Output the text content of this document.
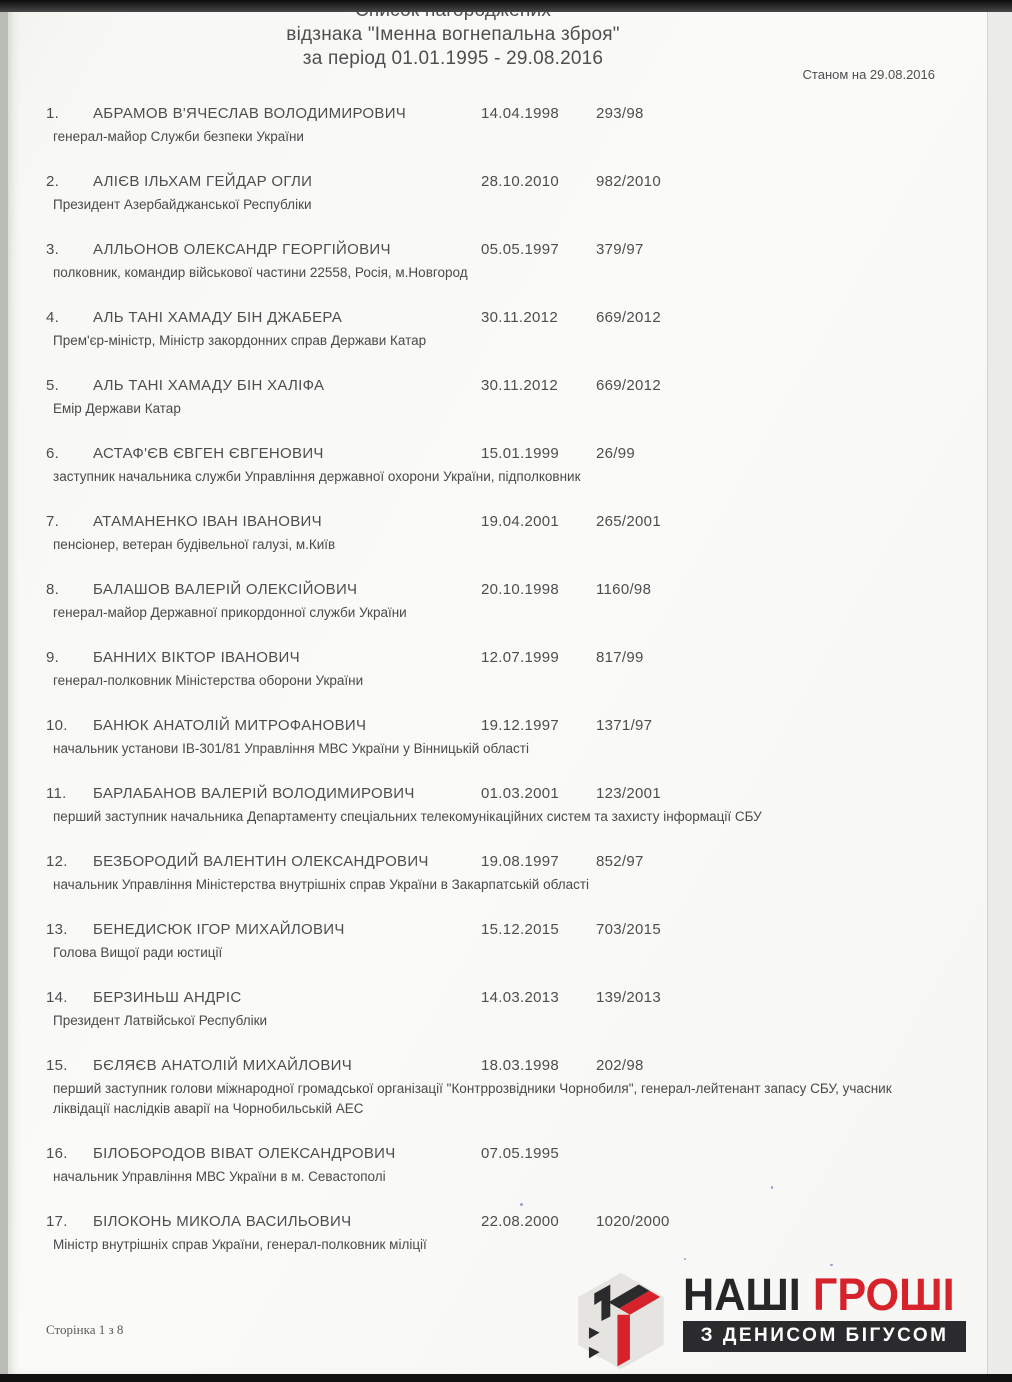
відзнака "Іменна вогнепальна зброя"
за період 01.01.1995 - 29.08.2016
Станом на 29.08.2016
1.	АБРАМОВ В'ЯЧЕСЛАВ ВОЛОДИМИРОВИЧ	14.04.1998	293/98
генерал-майор Служби безпеки України
2.	АЛІЄВ ІЛЬХАМ ГЕЙДАР ОГЛИ	28.10.2010	982/2010
Президент Азербайджанської Республіки
3.	АЛЛЬОНОВ ОЛЕКСАНДР ГЕОРГІЙОВИЧ	05.05.1997	379/97
полковник, командир військової частини 22558, Росія, м.Новгород
4.	АЛЬ ТАНІ ХАМАДУ БІН ДЖАБЕРА	30.11.2012	669/2012
Прем'єр-міністр, Міністр закордонних справ Держави Катар
5.	АЛЬ ТАНІ ХАМАДУ БІН ХАЛІФА	30.11.2012	669/2012
Емір Держави Катар
6.	АСТАФ'ЄВ ЄВГЕН ЄВГЕНОВИЧ	15.01.1999	26/99
заступник начальника служби Управління державної охорони України, підполковник
7.	АТАМАНЕНКО ІВАН ІВАНОВИЧ	19.04.2001	265/2001
пенсіонер, ветеран будівельної галузі, м.Київ
8.	БАЛАШОВ ВАЛЕРІЙ ОЛЕКСІЙОВИЧ	20.10.1998	1160/98
генерал-майор Державної прикордонної служби України
9.	БАННИХ ВІКТОР ІВАНОВИЧ	12.07.1999	817/99
генерал-полковник Міністерства оборони України
10.	БАНЮК АНАТОЛІЙ МИТРОФАНОВИЧ	19.12.1997	1371/97
начальник установи ІВ-301/81 Управління МВС України у Вінницькій області
11.	БАРЛАБАНОВ ВАЛЕРІЙ ВОЛОДИМИРОВИЧ	01.03.2001	123/2001
перший заступник начальника Департаменту спеціальних телекомунікаційних систем та захисту інформації СБУ
12.	БЕЗБОРОДИЙ ВАЛЕНТИН ОЛЕКСАНДРОВИЧ	19.08.1997	852/97
начальник Управління Міністерства внутрішніх справ України в Закарпатській області
13.	БЕНЕДИСЮК ІГОР МИХАЙЛОВИЧ	15.12.2015	703/2015
Голова Вищої ради юстиції
14.	БЕРЗИНЬШ АНДРІС	14.03.2013	139/2013
Президент Латвійської Республіки
15.	БЄЛЯЄВ АНАТОЛІЙ МИХАЙЛОВИЧ	18.03.1998	202/98
перший заступник голови міжнародної громадської організації "Контррозвідники Чорнобиля", генерал-лейтенант запасу СБУ, учасник ліквідації наслідків аварії на Чорнобильській АЕС
16.	БІЛОБОРОДОВ ВІВАТ ОЛЕКСАНДРОВИЧ	07.05.1995
начальник Управління МВС України в м. Севастополі
17.	БІЛОКОНЬ МИКОЛА ВАСИЛЬОВИЧ	22.08.2000	1020/2000
Міністр внутрішніх справ України, генерал-полковник міліції
Сторінка 1 з 8
НАШІ ГРОШІ
З ДЕНИСОМ БІГУСОМ
